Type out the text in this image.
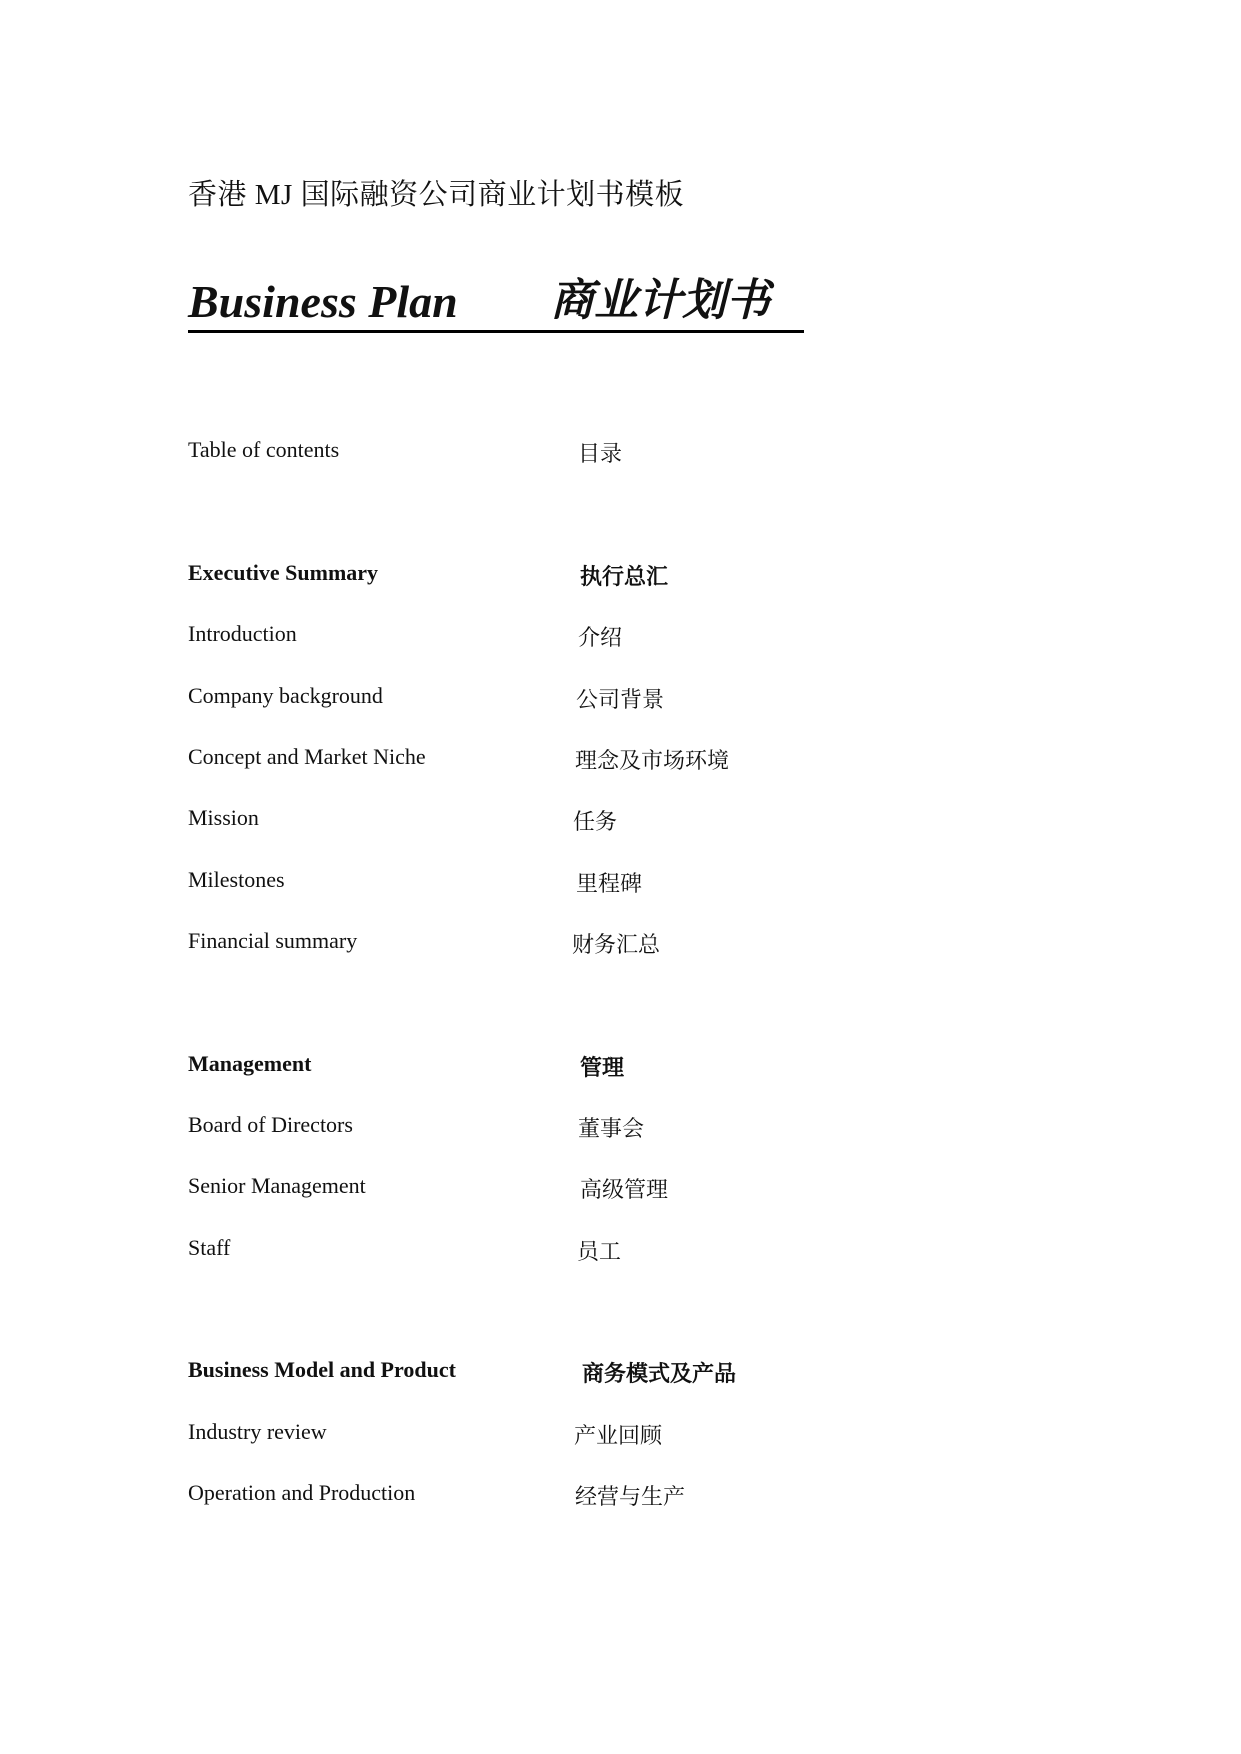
香港 MJ 国际融资公司商业计划书模板
Business Plan 商业计划书
Table of contents	目录
Executive Summary	执行总汇
Introduction	介绍
Company background	公司背景
Concept and Market Niche	理念及市场环境
Mission	任务
Milestones	里程碑
Financial summary	财务汇总
Management	管理
Board of Directors	董事会
Senior Management	高级管理
Staff	员工
Business Model and Product	商务模式及产品
Industry review	产业回顾
Operation and Production	经营与生产
